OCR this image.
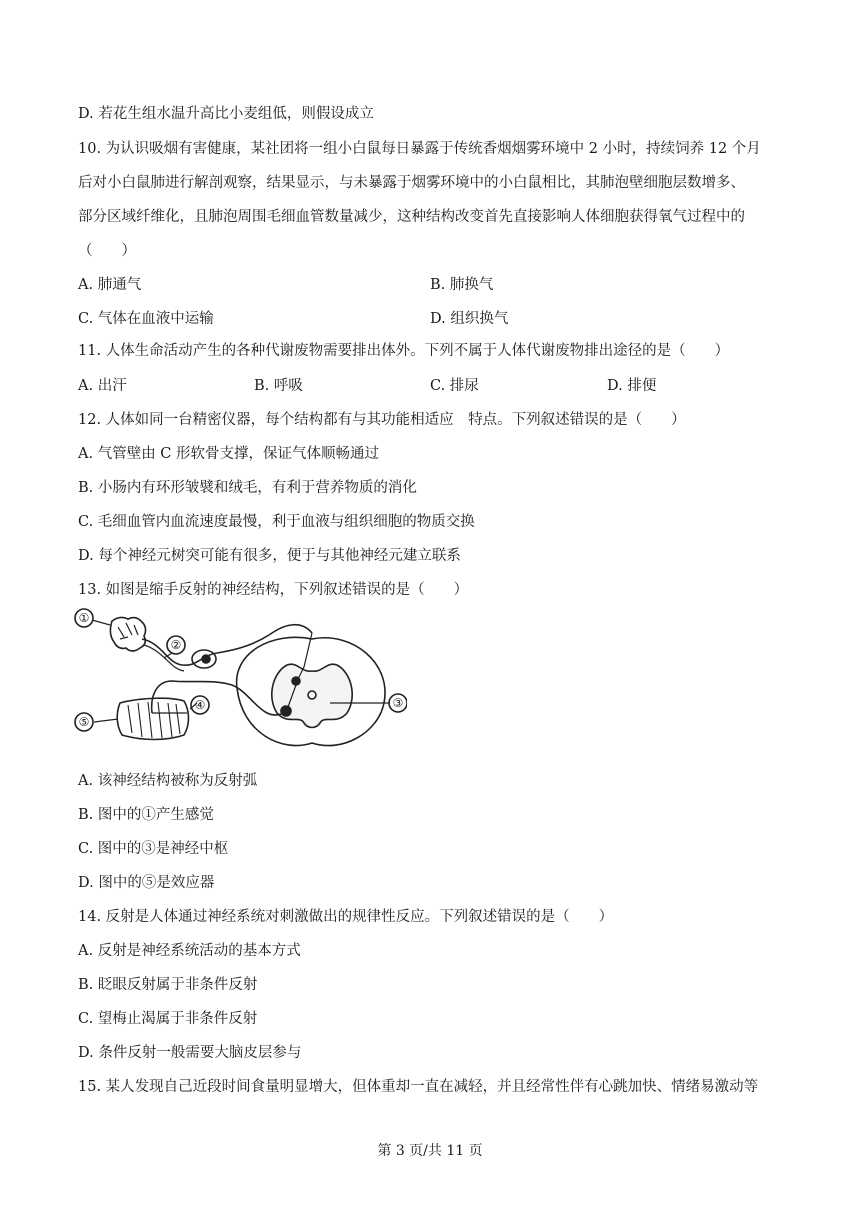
D. 若花生组水温升高比小麦组低，则假设成立
10. 为认识吸烟有害健康，某社团将一组小白鼠每日暴露于传统香烟烟雾环境中 2 小时，持续饲养 12 个月
后对小白鼠肺进行解剖观察，结果显示，与未暴露于烟雾环境中的小白鼠相比，其肺泡壁细胞层数增多、
部分区域纤维化，且肺泡周围毛细血管数量减少，这种结构改变首先直接影响人体细胞获得氧气过程中的
（　　）
A. 肺通气	B. 肺换气
C. 气体在血液中运输	D. 组织换气
11. 人体生命活动产生的各种代谢废物需要排出体外。下列不属于人体代谢废物排出途径的是（　　）
A. 出汗	B. 呼吸	C. 排尿	D. 排便
12. 人体如同一台精密仪器，每个结构都有与其功能相适应　特点。下列叙述错误的是（　　）
A. 气管壁由 C 形软骨支撑，保证气体顺畅通过
B. 小肠内有环形皱襞和绒毛，有利于营养物质的消化
C. 毛细血管内血流速度最慢，利于血液与组织细胞的物质交换
D. 每个神经元树突可能有很多，便于与其他神经元建立联系
13. 如图是缩手反射的神经结构，下列叙述错误的是（　　）
①
②
③
④
⑤
A. 该神经结构被称为反射弧
B. 图中的①产生感觉
C. 图中的③是神经中枢
D. 图中的⑤是效应器
14. 反射是人体通过神经系统对刺激做出的规律性反应。下列叙述错误的是（　　）
A. 反射是神经系统活动的基本方式
B. 眨眼反射属于非条件反射
C. 望梅止渴属于非条件反射
D. 条件反射一般需要大脑皮层参与
15. 某人发现自己近段时间食量明显增大，但体重却一直在减轻，并且经常性伴有心跳加快、情绪易激动等
第 3 页/共 11 页
